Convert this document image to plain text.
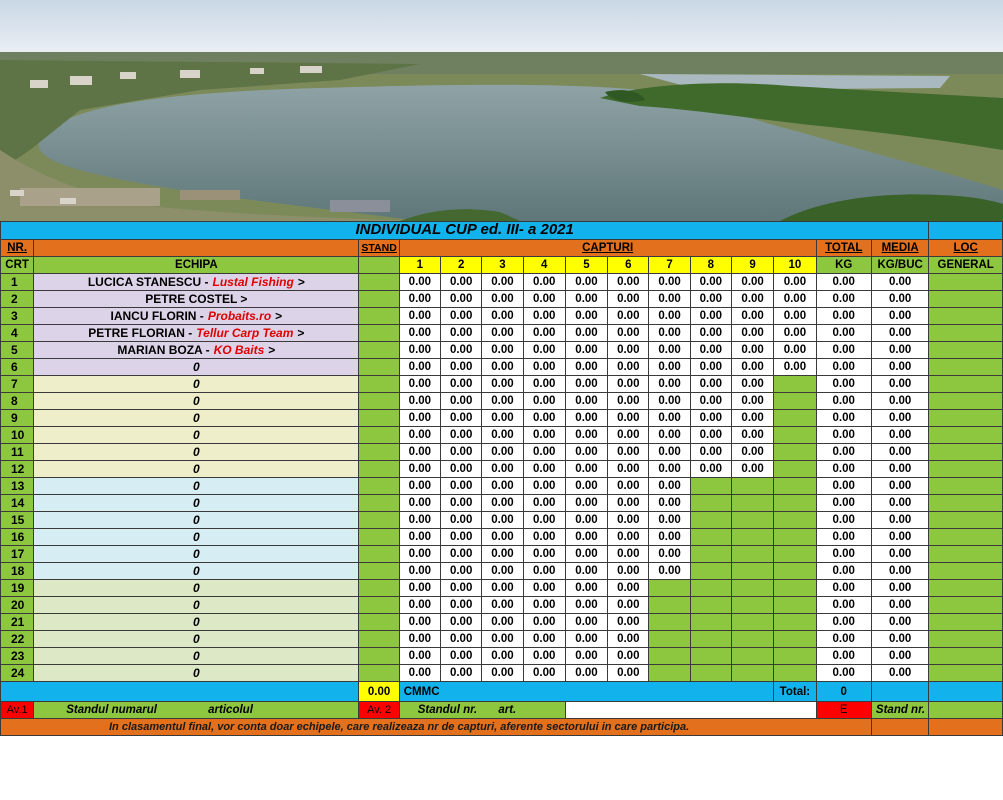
INDIVIDUAL CUP ed. III- a 2021															
NR.		STAND	CAPTURI										TOTAL	MEDIA	LOC
CRT	ECHIPA		1	2	3	4	5	6	7	8	9	10	KG	KG/BUC	GENERAL
1	LUCICA STANESCU - Lustal Fishing >		0.00	0.00	0.00	0.00	0.00	0.00	0.00	0.00	0.00	0.00	0.00	0.00	
2	PETRE COSTEL >		0.00	0.00	0.00	0.00	0.00	0.00	0.00	0.00	0.00	0.00	0.00	0.00	
3	IANCU FLORIN - Probaits.ro >		0.00	0.00	0.00	0.00	0.00	0.00	0.00	0.00	0.00	0.00	0.00	0.00	
4	PETRE FLORIAN - Tellur Carp Team >		0.00	0.00	0.00	0.00	0.00	0.00	0.00	0.00	0.00	0.00	0.00	0.00	
5	MARIAN BOZA - KO Baits >		0.00	0.00	0.00	0.00	0.00	0.00	0.00	0.00	0.00	0.00	0.00	0.00	
6	0		0.00	0.00	0.00	0.00	0.00	0.00	0.00	0.00	0.00	0.00	0.00	0.00	
7	0		0.00	0.00	0.00	0.00	0.00	0.00	0.00	0.00	0.00		0.00	0.00	
8	0		0.00	0.00	0.00	0.00	0.00	0.00	0.00	0.00	0.00		0.00	0.00	
9	0		0.00	0.00	0.00	0.00	0.00	0.00	0.00	0.00	0.00		0.00	0.00	
10	0		0.00	0.00	0.00	0.00	0.00	0.00	0.00	0.00	0.00		0.00	0.00	
11	0		0.00	0.00	0.00	0.00	0.00	0.00	0.00	0.00	0.00		0.00	0.00	
12	0		0.00	0.00	0.00	0.00	0.00	0.00	0.00	0.00	0.00		0.00	0.00	
13	0		0.00	0.00	0.00	0.00	0.00	0.00	0.00				0.00	0.00	
14	0		0.00	0.00	0.00	0.00	0.00	0.00	0.00				0.00	0.00	
15	0		0.00	0.00	0.00	0.00	0.00	0.00	0.00				0.00	0.00	
16	0		0.00	0.00	0.00	0.00	0.00	0.00	0.00				0.00	0.00	
17	0		0.00	0.00	0.00	0.00	0.00	0.00	0.00				0.00	0.00	
18	0		0.00	0.00	0.00	0.00	0.00	0.00	0.00				0.00	0.00	
19	0		0.00	0.00	0.00	0.00	0.00	0.00					0.00	0.00	
20	0		0.00	0.00	0.00	0.00	0.00	0.00					0.00	0.00	
21	0		0.00	0.00	0.00	0.00	0.00	0.00					0.00	0.00	
22	0		0.00	0.00	0.00	0.00	0.00	0.00					0.00	0.00	
23	0		0.00	0.00	0.00	0.00	0.00	0.00					0.00	0.00	
24	0		0.00	0.00	0.00	0.00	0.00	0.00					0.00	0.00	
		0.00	CMMC									Total:	0		
Av.1	Standul numarul articolul	Av. 2	Standul nr. art.										E	Stand nr.	
In clasamentul final, vor conta doar echipele, care realizeaza nr de capturi, aferente sectorului in care participa.															
